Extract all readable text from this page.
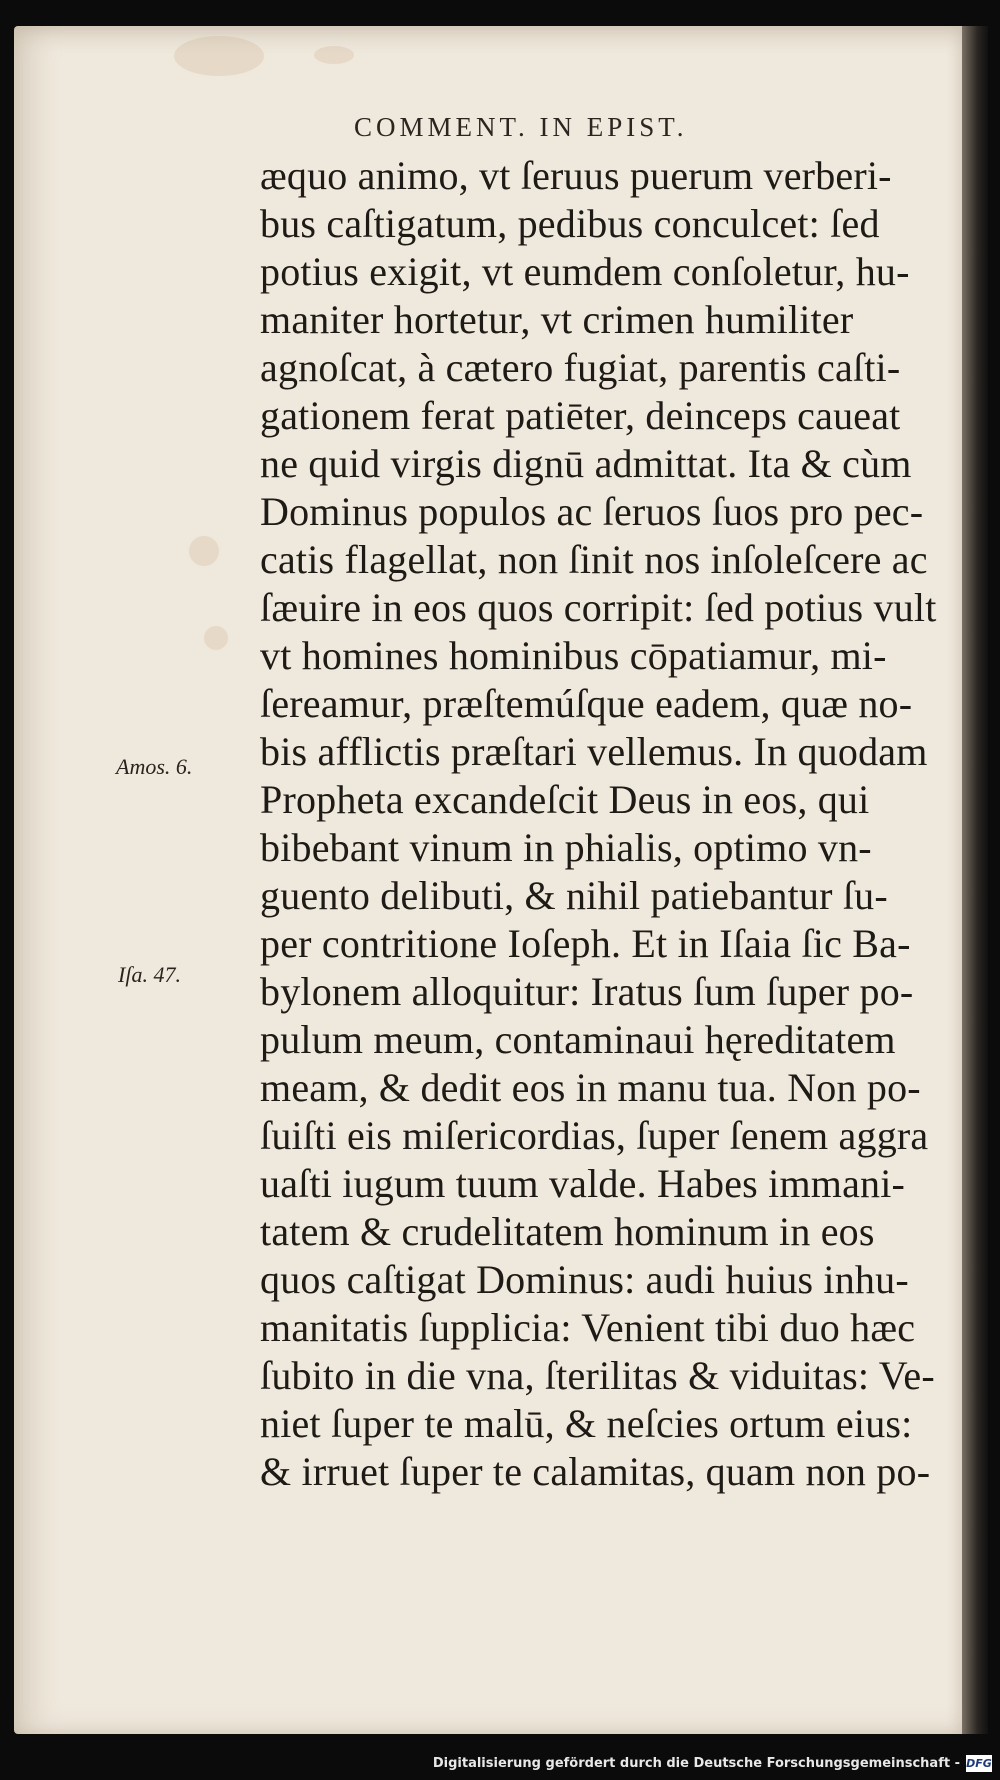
COMMENT. IN EPIST.
Amos. 6.
Iſa. 47.
æquo animo, vt ſeruus puerum verberi-
bus caſtigatum, pedibus conculcet: ſed
potius exigit, vt eumdem conſoletur, hu-
maniter hortetur, vt crimen humiliter
agnoſcat, à cætero fugiat, parentis caſti-
gationem ferat patiēter, deinceps caueat
ne quid virgis dignū admittat. Ita & cùm
Dominus populos ac ſeruos ſuos pro pec-
catis flagellat, non ſinit nos inſoleſcere ac
ſæuire in eos quos corripit: ſed potius vult
vt homines hominibus cōpatiamur, mi-
ſereamur, præſtemúſque eadem, quæ no-
bis afflictis præſtari vellemus. In quodam
Propheta excandeſcit Deus in eos, qui
bibebant vinum in phialis, optimo vn-
guento delibuti, & nihil patiebantur ſu-
per contritione Ioſeph. Et in Iſaia ſic Ba-
bylonem alloquitur: Iratus ſum ſuper po-
pulum meum, contaminaui hęreditatem
meam, & dedit eos in manu tua. Non po-
ſuiſti eis miſericordias, ſuper ſenem aggra
uaſti iugum tuum valde. Habes immani-
tatem & crudelitatem hominum in eos
quos caſtigat Dominus: audi huius inhu-
manitatis ſupplicia: Venient tibi duo hæc
ſubito in die vna, ſterilitas & viduitas: Ve-
niet ſuper te malū, & neſcies ortum eius:
& irruet ſuper te calamitas, quam non po-
Digitalisierung gefördert durch die Deutsche Forschungsgemeinschaft - DFG
